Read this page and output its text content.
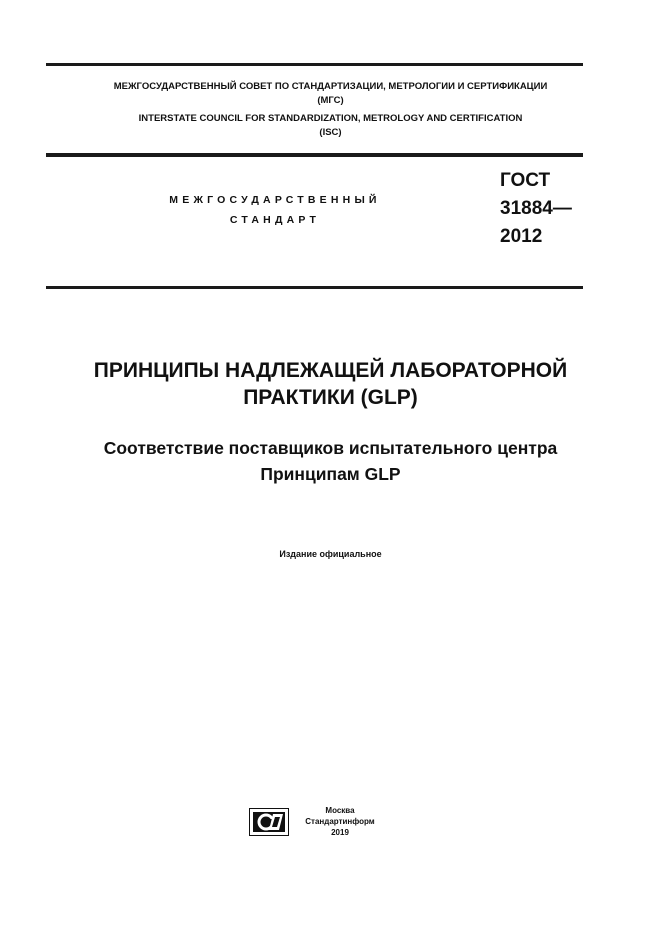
МЕЖГОСУДАРСТВЕННЫЙ СОВЕТ ПО СТАНДАРТИЗАЦИИ, МЕТРОЛОГИИ И СЕРТИФИКАЦИИ
(МГС)
INTERSTATE COUNCIL FOR STANDARDIZATION, METROLOGY AND CERTIFICATION
(ISC)
МЕЖГОСУДАРСТВЕННЫЙ
СТАНДАРТ
ГОСТ
31884—
2012
ПРИНЦИПЫ НАДЛЕЖАЩЕЙ ЛАБОРАТОРНОЙ
ПРАКТИКИ (GLP)
Соответствие поставщиков испытательного центра
Принципам GLP
Издание официальное
Москва
Стандартинформ
2019
